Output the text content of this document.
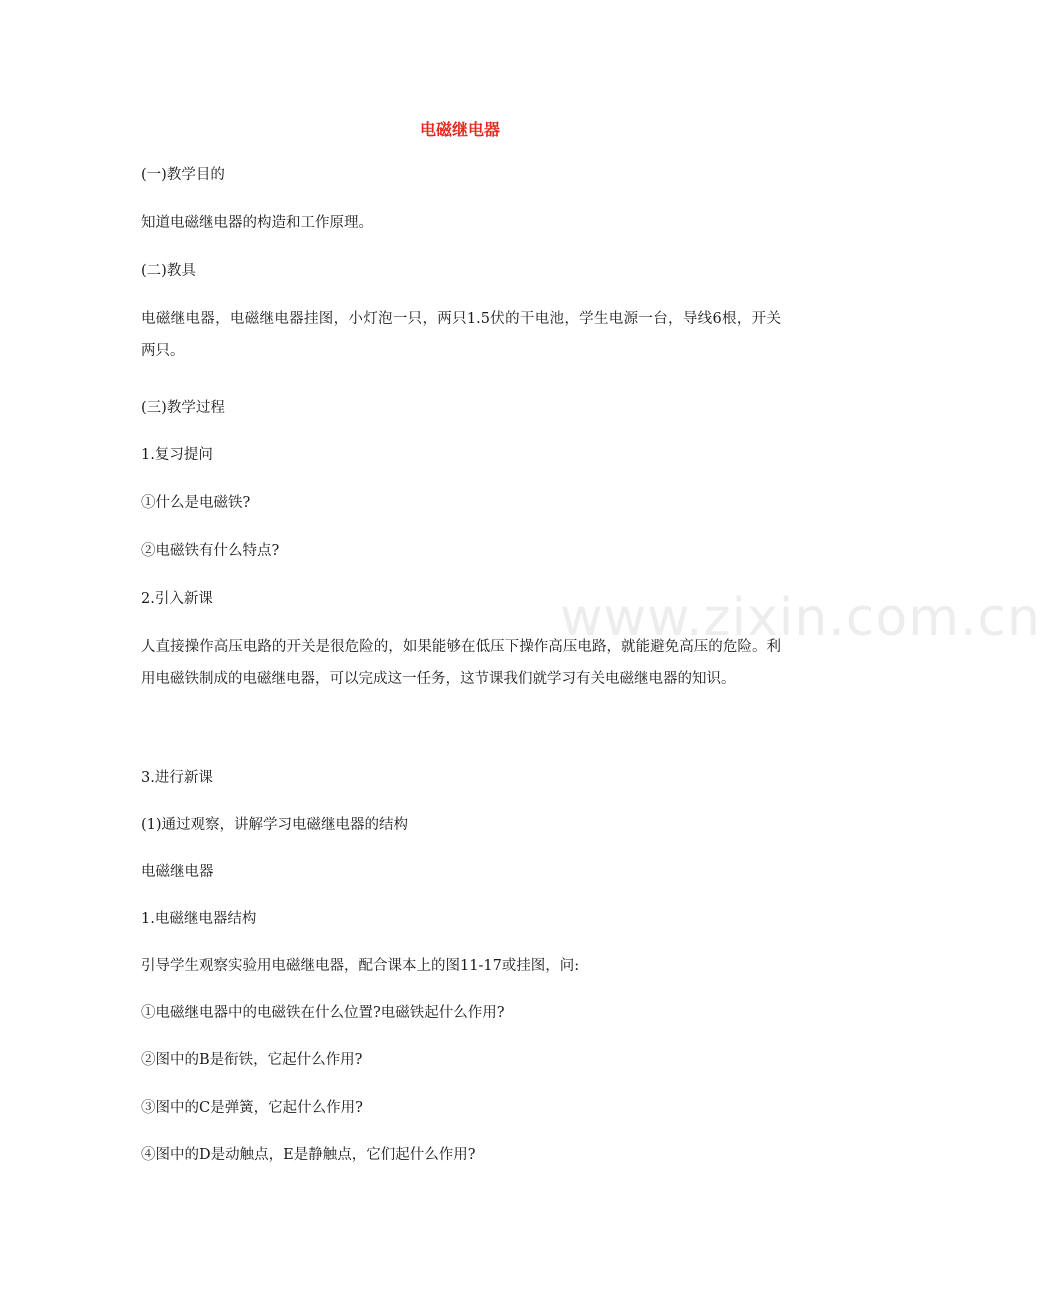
电磁继电器
(一)教学目的
知道电磁继电器的构造和工作原理。
(二)教具
电磁继电器，电磁继电器挂图，小灯泡一只，两只1.5伏的干电池，学生电源一台，导线6根，开关两只。
(三)教学过程
1.复习提问
①什么是电磁铁?
②电磁铁有什么特点?
2.引入新课
人直接操作高压电路的开关是很危险的，如果能够在低压下操作高压电路，就能避免高压的危险。利用电磁铁制成的电磁继电器，可以完成这一任务，这节课我们就学习有关电磁继电器的知识。
3.进行新课
(1)通过观察，讲解学习电磁继电器的结构
电磁继电器
1.电磁继电器结构
引导学生观察实验用电磁继电器，配合课本上的图11-17或挂图，问:
①电磁继电器中的电磁铁在什么位置?电磁铁起什么作用?
②图中的B是衔铁，它起什么作用?
③图中的C是弹簧，它起什么作用?
④图中的D是动触点，E是静触点，它们起什么作用?
www.zixin.com.cn
